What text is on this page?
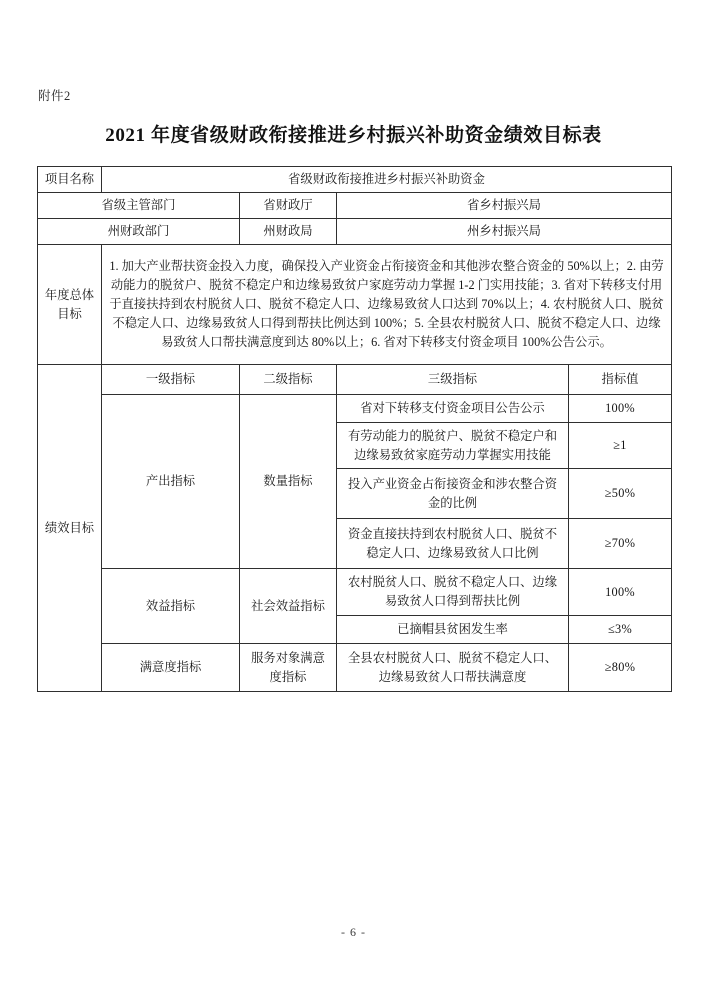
附件2
2021 年度省级财政衔接推进乡村振兴补助资金绩效目标表
项目名称	省级财政衔接推进乡村振兴补助资金			
省级主管部门		省财政厅	省乡村振兴局	
州财政部门		州财政局	州乡村振兴局	
年度总体目标	1. 加大产业帮扶资金投入力度，确保投入产业资金占衔接资金和其他涉农整合资金的 50%以上；2. 由劳动能力的脱贫户、脱贫不稳定户和边缘易致贫户家庭劳动力掌握 1-2 门实用技能；3. 省对下转移支付用于直接扶持到农村脱贫人口、脱贫不稳定人口、边缘易致贫人口达到 70%以上；4. 农村脱贫人口、脱贫不稳定人口、边缘易致贫人口得到帮扶比例达到 100%；5. 全县农村脱贫人口、脱贫不稳定人口、边缘易致贫人口帮扶满意度到达 80%以上；6. 省对下转移支付资金项目 100%公告公示。			
绩效目标	一级指标	二级指标	三级指标	指标值
	产出指标	数量指标	省对下转移支付资金项目公告公示	100%
			有劳动能力的脱贫户、脱贫不稳定户和边缘易致贫家庭劳动力掌握实用技能	≥1
			投入产业资金占衔接资金和涉农整合资金的比例	≥50%
			资金直接扶持到农村脱贫人口、脱贫不稳定人口、边缘易致贫人口比例	≥70%
	效益指标	社会效益指标	农村脱贫人口、脱贫不稳定人口、边缘易致贫人口得到帮扶比例	100%
			已摘帽县贫困发生率	≤3%
	满意度指标	服务对象满意度指标	全县农村脱贫人口、脱贫不稳定人口、边缘易致贫人口帮扶满意度	≥80%
- 6 -
